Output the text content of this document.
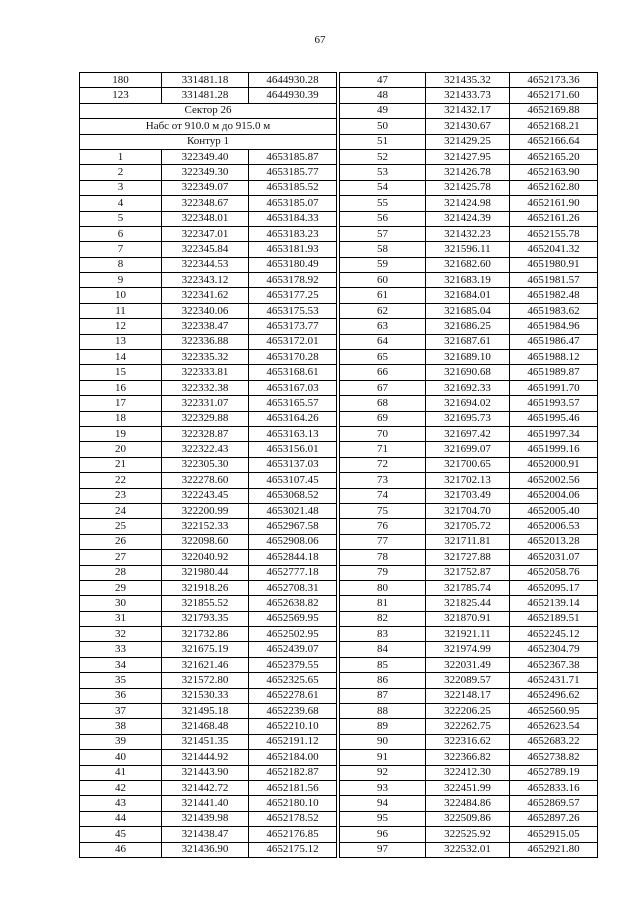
67
180	331481.18	4644930.28
123	331481.28	4644930.39
Сектор 26		
Набс от 910.0 м до 915.0 м		
Контур 1		
1	322349.40	4653185.87
2	322349.30	4653185.77
3	322349.07	4653185.52
4	322348.67	4653185.07
5	322348.01	4653184.33
6	322347.01	4653183.23
7	322345.84	4653181.93
8	322344.53	4653180.49
9	322343.12	4653178.92
10	322341.62	4653177.25
11	322340.06	4653175.53
12	322338.47	4653173.77
13	322336.88	4653172.01
14	322335.32	4653170.28
15	322333.81	4653168.61
16	322332.38	4653167.03
17	322331.07	4653165.57
18	322329.88	4653164.26
19	322328.87	4653163.13
20	322322.43	4653156.01
21	322305.30	4653137.03
22	322278.60	4653107.45
23	322243.45	4653068.52
24	322200.99	4653021.48
25	322152.33	4652967.58
26	322098.60	4652908.06
27	322040.92	4652844.18
28	321980.44	4652777.18
29	321918.26	4652708.31
30	321855.52	4652638.82
31	321793.35	4652569.95
32	321732.86	4652502.95
33	321675.19	4652439.07
34	321621.46	4652379.55
35	321572.80	4652325.65
36	321530.33	4652278.61
37	321495.18	4652239.68
38	321468.48	4652210.10
39	321451.35	4652191.12
40	321444.92	4652184.00
41	321443.90	4652182.87
42	321442.72	4652181.56
43	321441.40	4652180.10
44	321439.98	4652178.52
45	321438.47	4652176.85
46	321436.90	4652175.12
47	321435.32	4652173.36
48	321433.73	4652171.60
49	321432.17	4652169.88
50	321430.67	4652168.21
51	321429.25	4652166.64
52	321427.95	4652165.20
53	321426.78	4652163.90
54	321425.78	4652162.80
55	321424.98	4652161.90
56	321424.39	4652161.26
57	321432.23	4652155.78
58	321596.11	4652041.32
59	321682.60	4651980.91
60	321683.19	4651981.57
61	321684.01	4651982.48
62	321685.04	4651983.62
63	321686.25	4651984.96
64	321687.61	4651986.47
65	321689.10	4651988.12
66	321690.68	4651989.87
67	321692.33	4651991.70
68	321694.02	4651993.57
69	321695.73	4651995.46
70	321697.42	4651997.34
71	321699.07	4651999.16
72	321700.65	4652000.91
73	321702.13	4652002.56
74	321703.49	4652004.06
75	321704.70	4652005.40
76	321705.72	4652006.53
77	321711.81	4652013.28
78	321727.88	4652031.07
79	321752.87	4652058.76
80	321785.74	4652095.17
81	321825.44	4652139.14
82	321870.91	4652189.51
83	321921.11	4652245.12
84	321974.99	4652304.79
85	322031.49	4652367.38
86	322089.57	4652431.71
87	322148.17	4652496.62
88	322206.25	4652560.95
89	322262.75	4652623.54
90	322316.62	4652683.22
91	322366.82	4652738.82
92	322412.30	4652789.19
93	322451.99	4652833.16
94	322484.86	4652869.57
95	322509.86	4652897.26
96	322525.92	4652915.05
97	322532.01	4652921.80
